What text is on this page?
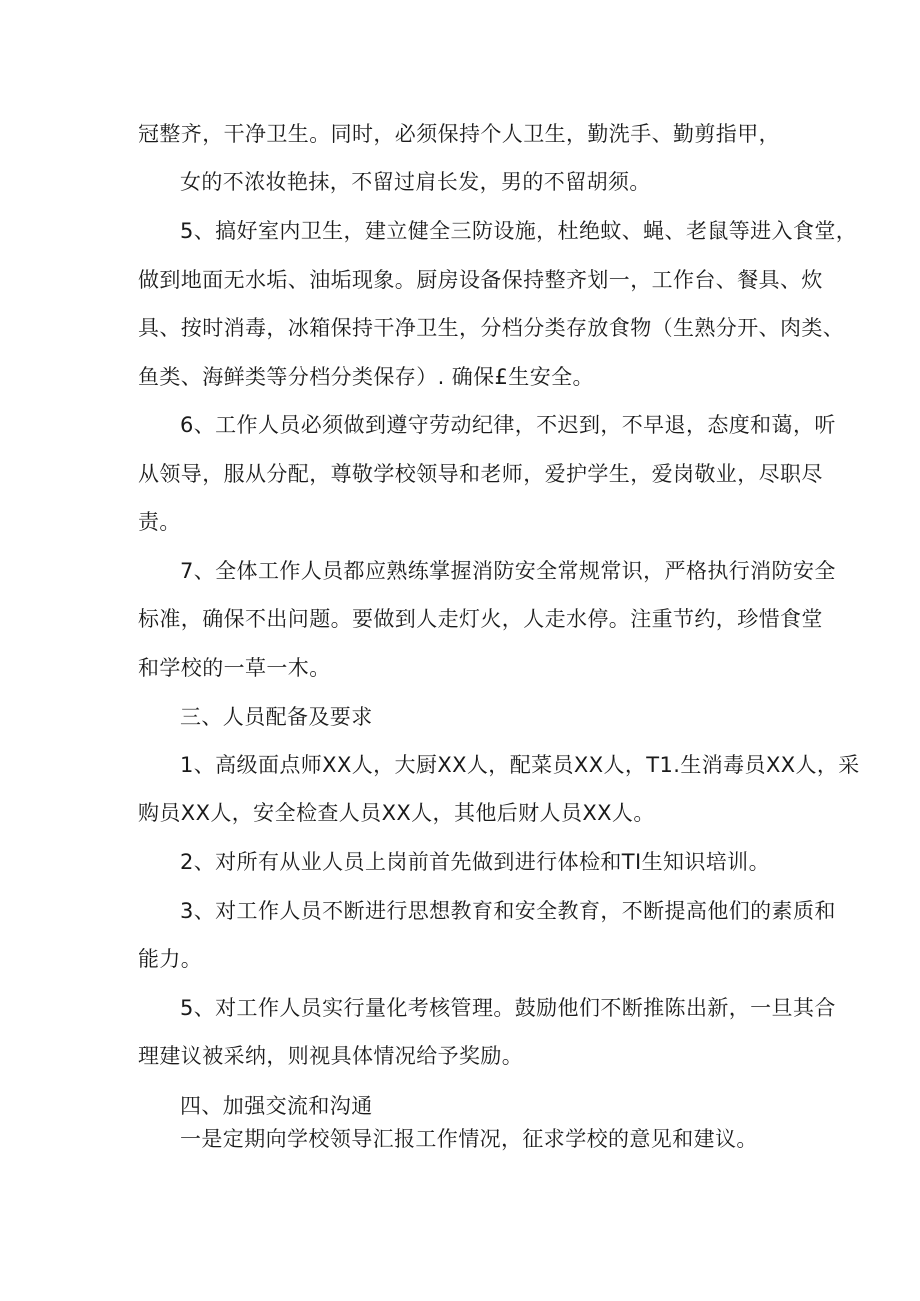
冠整齐，干净卫生。同时，必须保持个人卫生，勤洗手、勤剪指甲，
女的不浓妆艳抹，不留过肩长发，男的不留胡须。
5、搞好室内卫生，建立健全三防设施，杜绝蚊、蝇、老鼠等进入食堂，
做到地面无水垢、油垢现象。厨房设备保持整齐划一，工作台、餐具、炊
具、按时消毒，冰箱保持干净卫生，分档分类存放食物（生熟分开、肉类、
鱼类、海鲜类等分档分类保存）. 确保£生安全。
6、工作人员必须做到遵守劳动纪律，不迟到，不早退，态度和蔼，听
从领导，服从分配，尊敬学校领导和老师，爱护学生，爱岗敬业，尽职尽
责。
7、全体工作人员都应熟练掌握消防安全常规常识，严格执行消防安全
标准，确保不出问题。要做到人走灯火，人走水停。注重节约，珍惜食堂
和学校的一草一木。
三、人员配备及要求
1、高级面点师XX人，大厨XX人，配菜员XX人，T1.生消毒员XX人，采
购员XX人，安全检查人员XX人，其他后财人员XX人。
2、对所有从业人员上岗前首先做到进行体检和TI生知识培训。
3、对工作人员不断进行思想教育和安全教育，不断提高他们的素质和
能力。
5、对工作人员实行量化考核管理。鼓励他们不断推陈出新，一旦其合
理建议被采纳，则视具体情况给予奖励。
四、加强交流和沟通
一是定期向学校领导汇报工作情况，征求学校的意见和建议。
